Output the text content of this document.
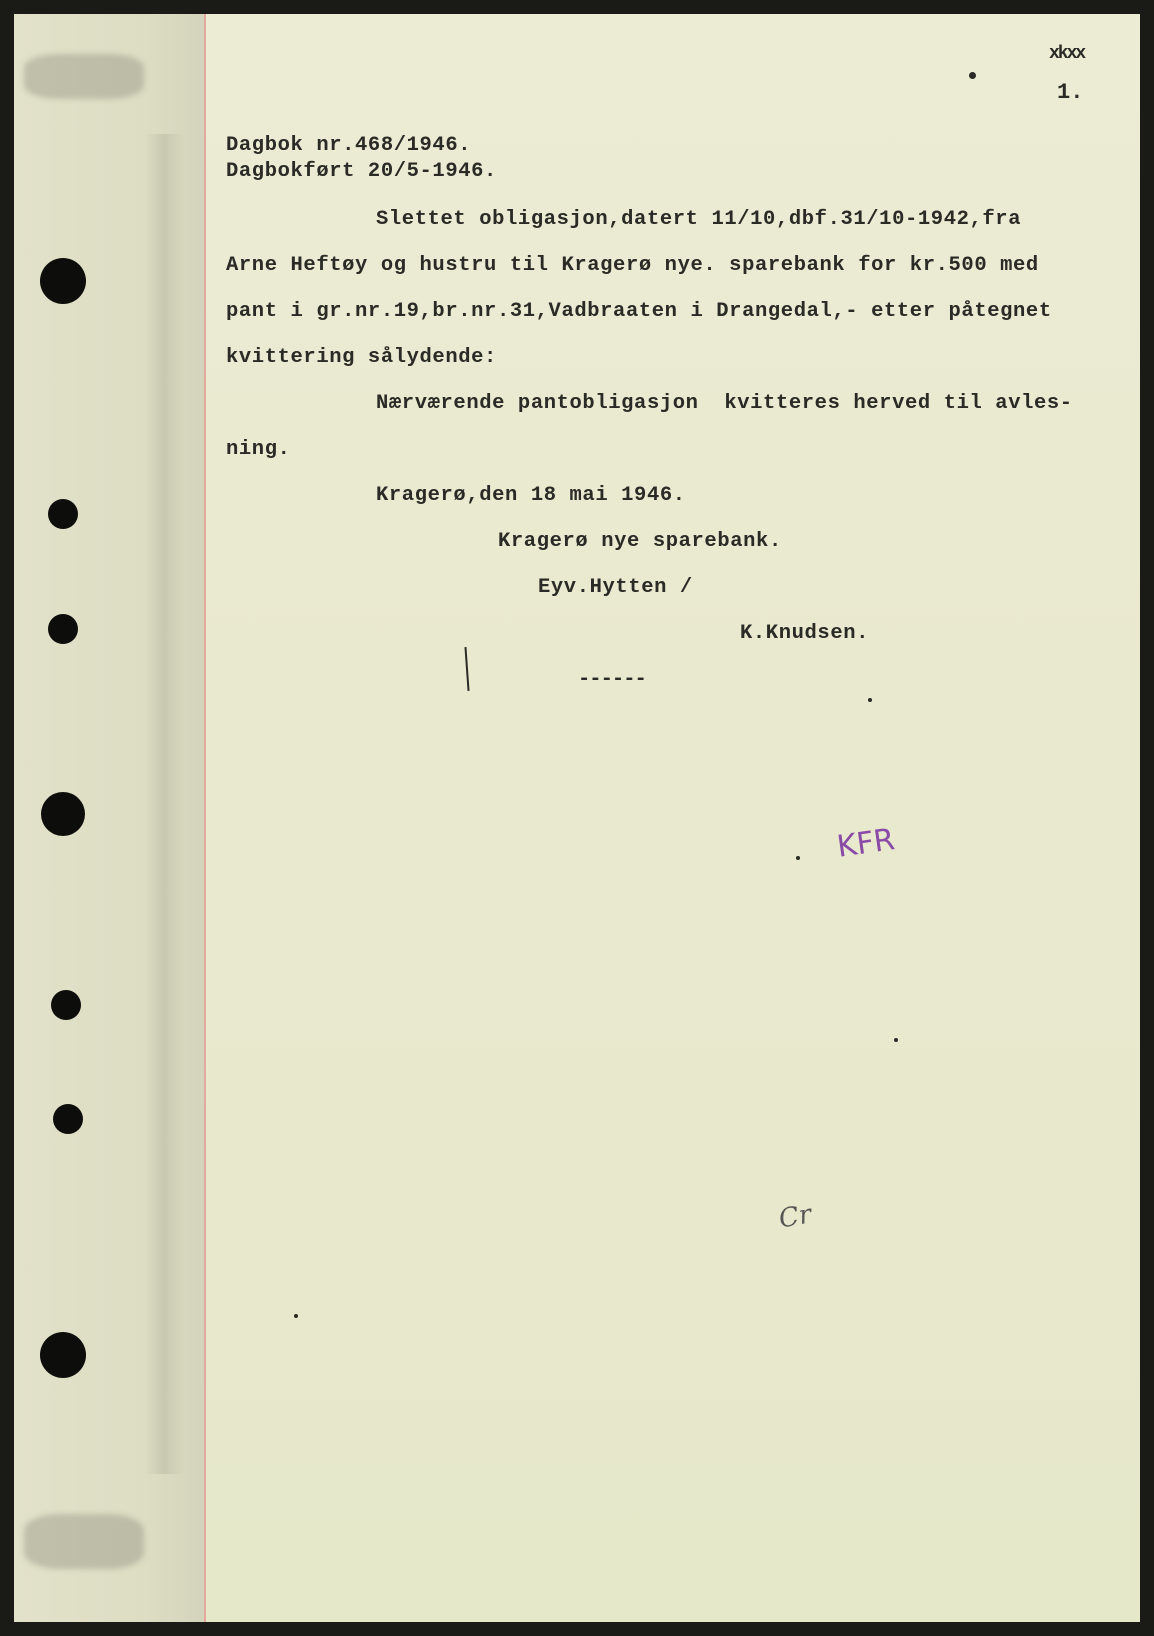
xkxx
1.
Dagbok nr.468/1946.
Dagbokført 20/5-1946.
Slettet obligasjon,datert 11/10,dbf.31/10-1942,fra
Arne Heftøy og hustru til Kragerø nye. sparebank for kr.500 med
pant i gr.nr.19,br.nr.31,Vadbraaten i Drangedal,- etter påtegnet
kvittering sålydende:
Nærværende pantobligasjon  kvitteres herved til avles-
ning.
Kragerø,den 18 mai 1946.
Kragerø nye sparebank.
Eyv.Hytten /
K.Knudsen.
------
KFR
Cr
